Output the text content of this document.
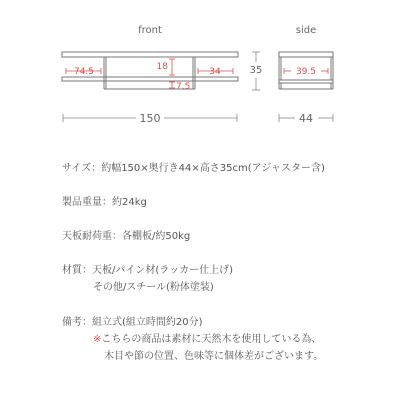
front
74.5	18	34
7.5
150
35
side
39.5
44
サイズ：約幅150×奥行き44×高さ35cm(アジャスター含)
製品重量：約24kg
天板耐荷重：各棚板/約50kg
材質：天板/パイン材(ラッカー仕上げ)
その他/スチール(粉体塗装)
備考：組立式(組立時間約20分)
※こちらの商品は素材に天然木を使用している為、
木目や節の位置、色味等に個体差がございます。
